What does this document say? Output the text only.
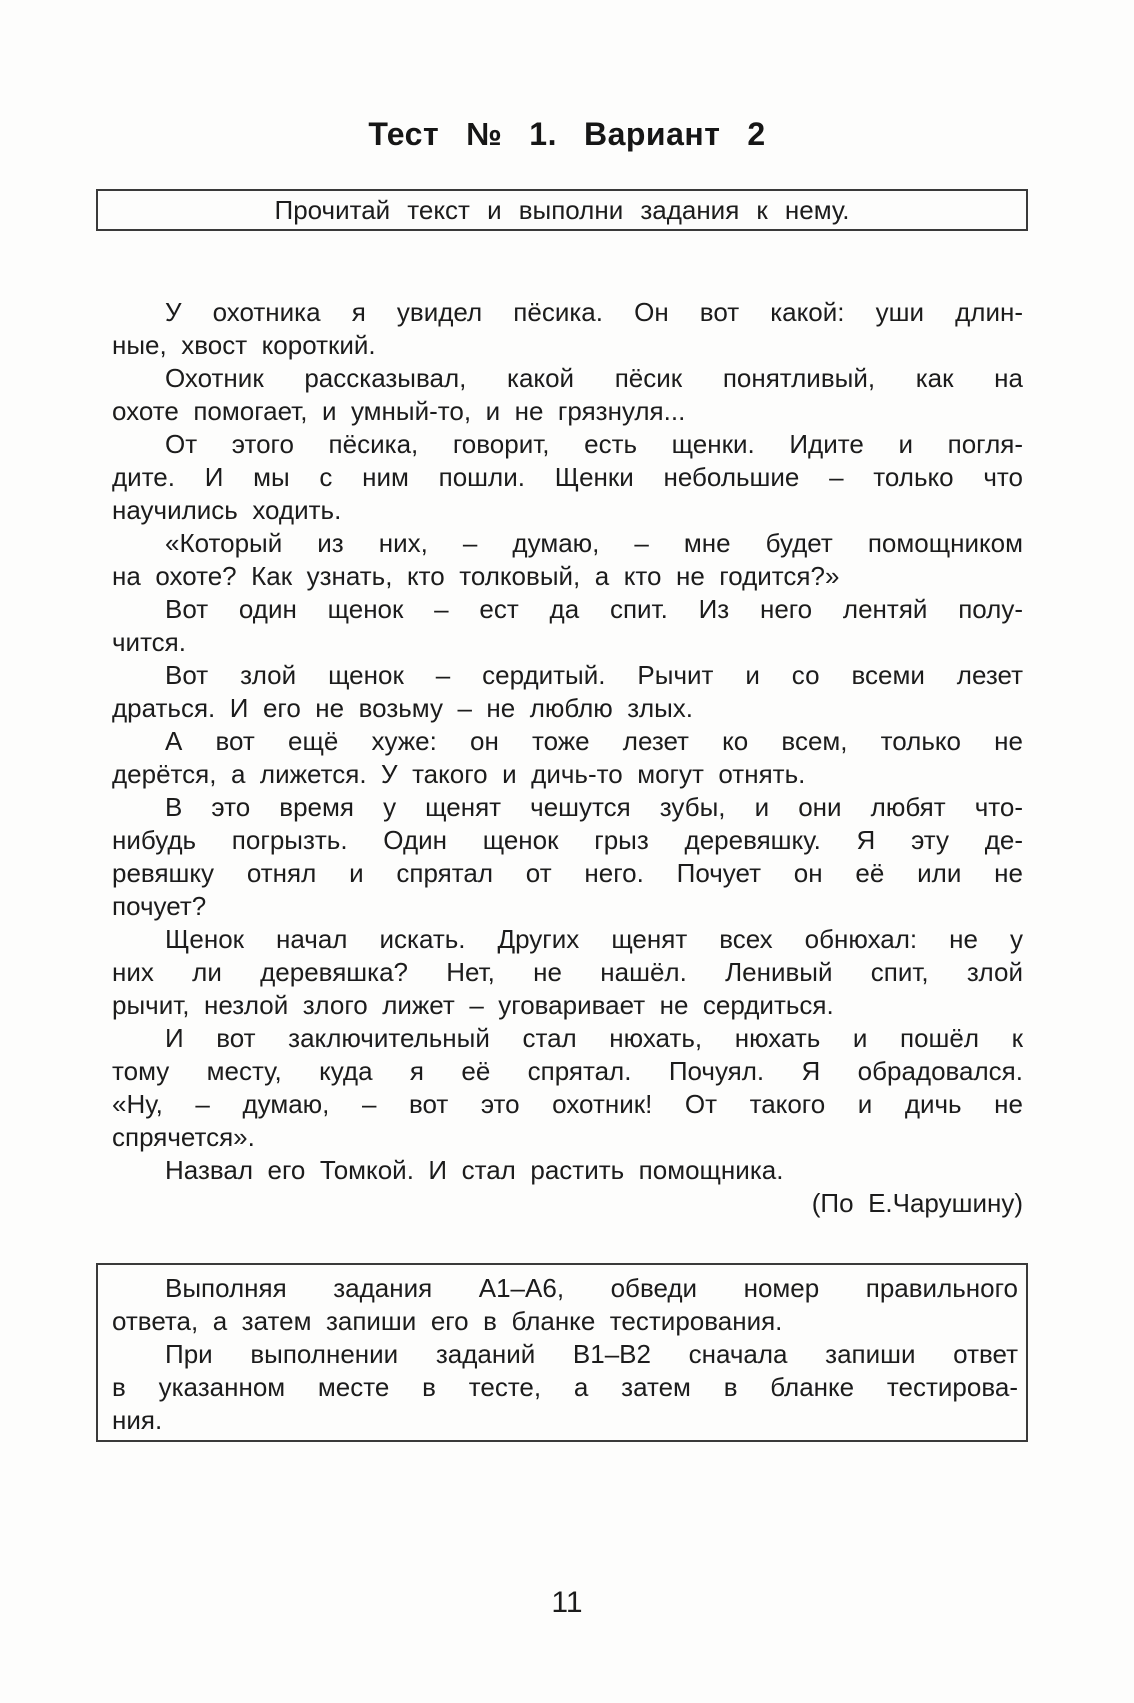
Тест № 1. Вариант 2
Прочитай текст и выполни задания к нему.
У охотника я увидел пёсика. Он вот какой: уши длин-
ные, хвост короткий.
Охотник рассказывал, какой пёсик понятливый, как на
охоте помогает, и умный-то, и не грязнуля...
От этого пёсика, говорит, есть щенки. Идите и погля-
дите. И мы с ним пошли. Щенки небольшие – только что
научились ходить.
«Который из них, – думаю, – мне будет помощником
на охоте? Как узнать, кто толковый, а кто не годится?»
Вот один щенок – ест да спит. Из него лентяй полу-
чится.
Вот злой щенок – сердитый. Рычит и со всеми лезет
драться. И его не возьму – не люблю злых.
А вот ещё хуже: он тоже лезет ко всем, только не
дерётся, а лижется. У такого и дичь-то могут отнять.
В это время у щенят чешутся зубы, и они любят что-
нибудь погрызть. Один щенок грыз деревяшку. Я эту де-
ревяшку отнял и спрятал от него. Почует он её или не
почует?
Щенок начал искать. Других щенят всех обнюхал: не у
них ли деревяшка? Нет, не нашёл. Ленивый спит, злой
рычит, незлой злого лижет – уговаривает не сердиться.
И вот заключительный стал нюхать, нюхать и пошёл к
тому месту, куда я её спрятал. Почуял. Я обрадовался.
«Ну, – думаю, – вот это охотник! От такого и дичь не
спрячется».
Назвал его Томкой. И стал растить помощника.
(По Е.Чарушину)
Выполняя задания А1–А6, обведи номер правильного
ответа, а затем запиши его в бланке тестирования.
При выполнении заданий В1–В2 сначала запиши ответ
в указанном месте в тесте, а затем в бланке тестирова-
ния.
11
